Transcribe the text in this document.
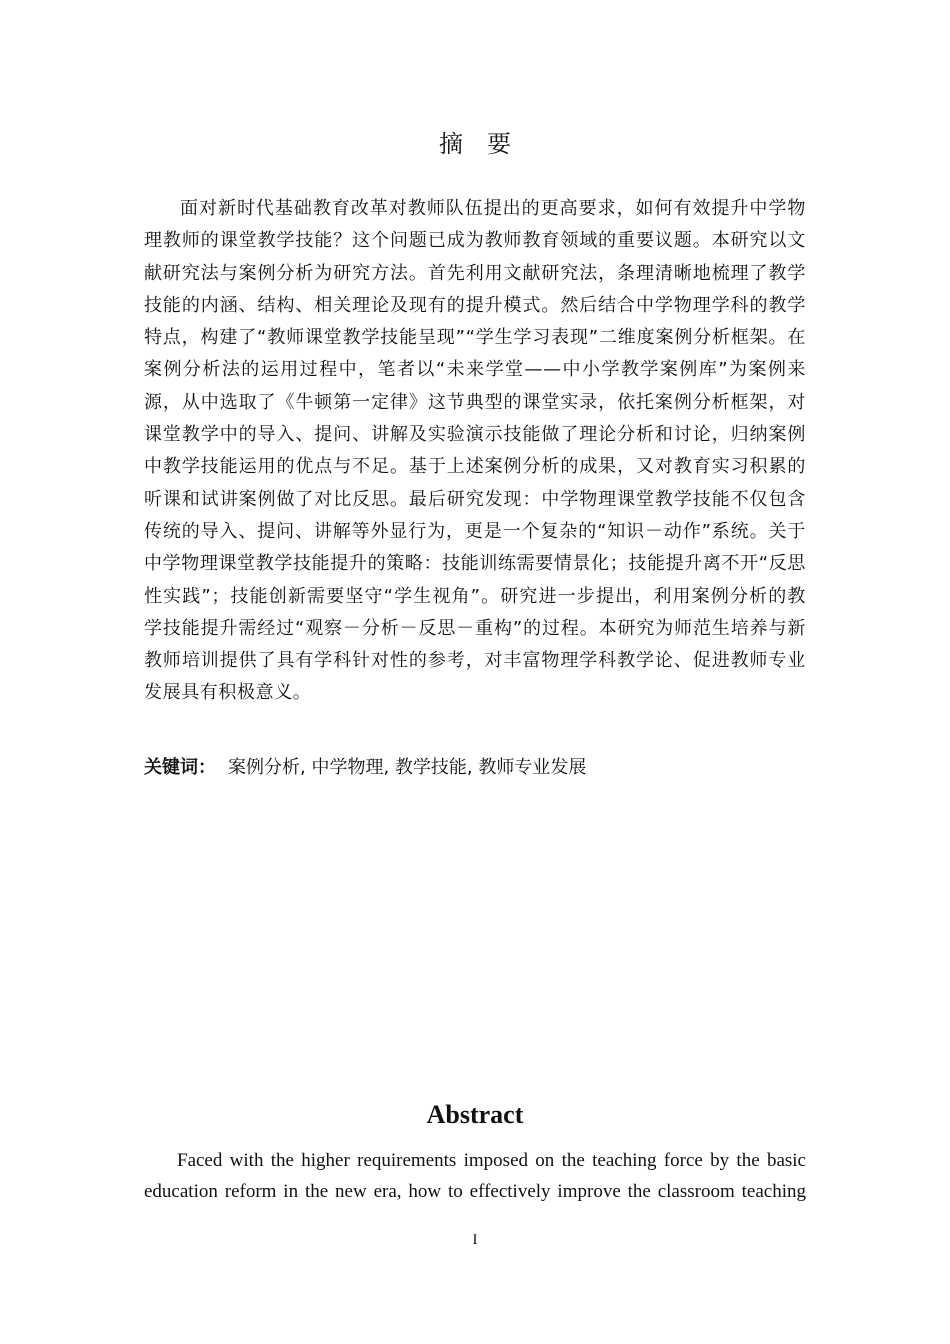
摘　要

面对新时代基础教育改革对教师队伍提出的更高要求，如何有效提升中学物理教师的课堂教学技能？这个问题已成为教师教育领域的重要议题。本研究以文献研究法与案例分析为研究方法。首先利用文献研究法，条理清晰地梳理了教学技能的内涵、结构、相关理论及现有的提升模式。然后结合中学物理学科的教学特点，构建了“教师课堂教学技能呈现”“学生学习表现”二维度案例分析框架。在案例分析法的运用过程中，笔者以“未来学堂——中小学教学案例库”为案例来源，从中选取了《牛顿第一定律》这节典型的课堂实录，依托案例分析框架，对课堂教学中的导入、提问、讲解及实验演示技能做了理论分析和讨论，归纳案例中教学技能运用的优点与不足。基于上述案例分析的成果，又对教育实习积累的听课和试讲案例做了对比反思。最后研究发现：中学物理课堂教学技能不仅包含传统的导入、提问、讲解等外显行为，更是一个复杂的“知识－动作”系统。关于中学物理课堂教学技能提升的策略：技能训练需要情景化；技能提升离不开“反思性实践”；技能创新需要坚守“学生视角”。研究进一步提出，利用案例分析的教学技能提升需经过“观察－分析－反思－重构”的过程。本研究为师范生培养与新教师培训提供了具有学科针对性的参考，对丰富物理学科教学论、促进教师专业发展具有积极意义。

关键词： 案例分析, 中学物理, 教学技能, 教师专业发展

Abstract

Faced with the higher requirements imposed on the teaching force by the basic education reform in the new era, how to effectively improve the classroom teaching

I
